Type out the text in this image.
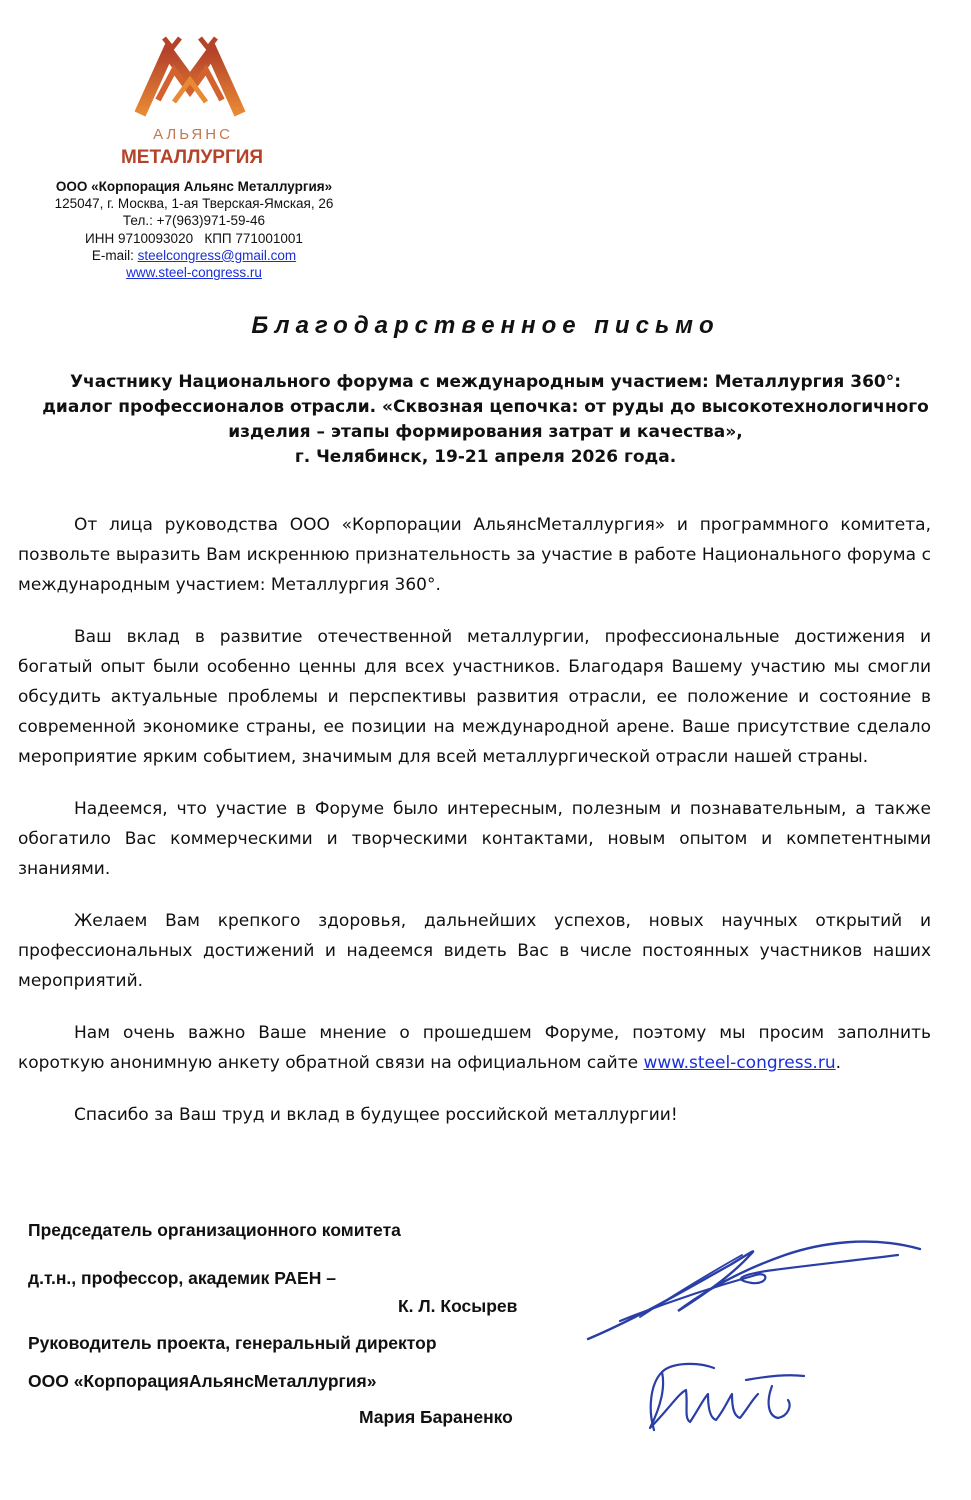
АЛЬЯНС
МЕТАЛЛУРГИЯ
ООО «Корпорация Альянс Металлургия»
125047, г. Москва, 1-ая Тверская-Ямская, 26
Тел.: +7(963)971-59-46
ИНН 9710093020   КПП 771001001
E-mail: steelcongress@gmail.com
www.steel-congress.ru
Благодарственное письмо
Участнику Национального форума с международным участием: Металлургия 360°:
диалог профессионалов отрасли. «Сквозная цепочка: от руды до высокотехнологичного
изделия – этапы формирования затрат и качества»,
г. Челябинск, 19-21 апреля 2026 года.

От лица руководства ООО «Корпорации АльянсМеталлургия» и программного комитета, позвольте выразить Вам искреннюю признательность за участие в работе Национального форума с международным участием: Металлургия 360°.

Ваш вклад в развитие отечественной металлургии, профессиональные достижения и богатый опыт были особенно ценны для всех участников. Благодаря Вашему участию мы смогли обсудить актуальные проблемы и перспективы развития отрасли, ее положение и состояние в современной экономике страны, ее позиции на международной арене. Ваше присутствие сделало мероприятие ярким событием, значимым для всей металлургической отрасли нашей страны.

Надеемся, что участие в Форуме было интересным, полезным и познавательным, а также обогатило Вас коммерческими и творческими контактами, новым опытом и компетентными знаниями.

Желаем Вам крепкого здоровья, дальнейших успехов, новых научных открытий и профессиональных достижений и надеемся видеть Вас в числе постоянных участников наших мероприятий.

Нам очень важно Ваше мнение о прошедшем Форуме, поэтому мы просим заполнить короткую анонимную анкету обратной связи на официальном сайте www.steel-congress.ru.

Спасибо за Ваш труд и вклад в будущее российской металлургии!

Председатель организационного комитета
д.т.н., профессор, академик РАЕН –
К. Л. Косырев
Руководитель проекта, генеральный директор
ООО «КорпорацияАльянсМеталлургия»
Мария Бараненко
